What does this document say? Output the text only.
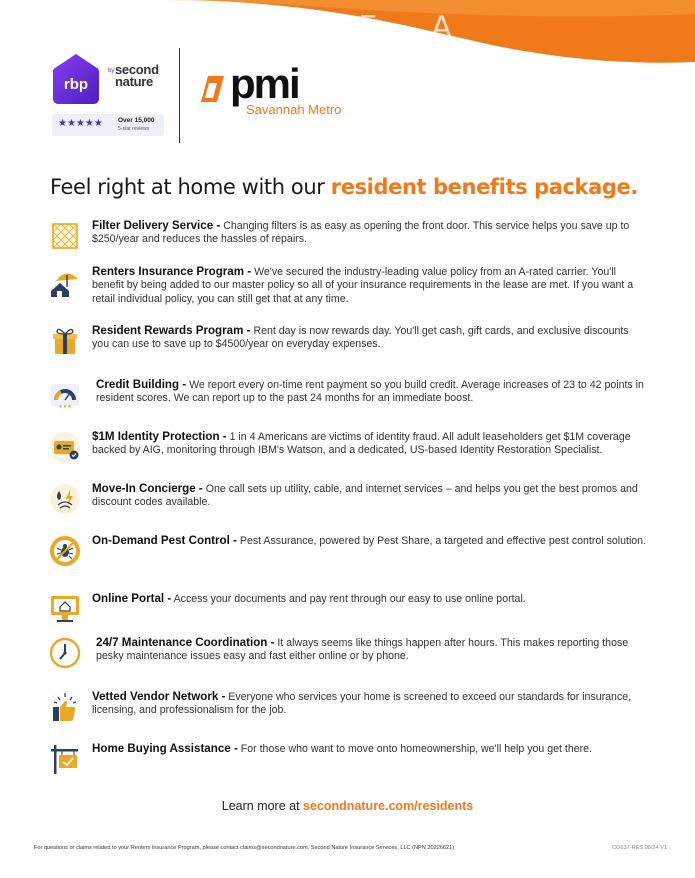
LANE - A
rbp
by second
nature
★★★★★ Over 15,000
5-star reviews
pmi
Savannah Metro
Feel right at home with our resident benefits package.
Filter Delivery Service - Changing filters is as easy as opening the front door. This service helps you save up to $250/year and reduces the hassles of repairs.
Renters Insurance Program - We've secured the industry-leading value policy from an A-rated carrier. You'll benefit by being added to our master policy so all of your insurance requirements in the lease are met. If you want a retail individual policy, you can still get that at any time.
Resident Rewards Program - Rent day is now rewards day. You'll get cash, gift cards, and exclusive discounts you can use to save up to $4500/year on everyday expenses.
★★★
Credit Building - We report every on-time rent payment so you build credit. Average increases of 23 to 42 points in resident scores. We can report up to the past 24 months for an immediate boost.
$1M Identity Protection - 1 in 4 Americans are victims of identity fraud. All adult leaseholders get $1M coverage backed by AIG, monitoring through IBM's Watson, and a dedicated, US-based Identity Restoration Specialist.
Move-In Concierge - One call sets up utility, cable, and internet services – and helps you get the best promos and discount codes available.
On-Demand Pest Control - Pest Assurance, powered by Pest Share, a targeted and effective pest control solution.
Online Portal - Access your documents and pay rent through our easy to use online portal.
24/7 Maintenance Coordination - It always seems like things happen after hours. This makes reporting those pesky maintenance issues easy and fast either online or by phone.
Vetted Vendor Network - Everyone who services your home is screened to exceed our standards for insurance, licensing, and professionalism for the job.
Home Buying Assistance - For those who want to move onto homeownership, we'll help you get there.
Learn more at secondnature.com/residents
For questions or claims related to your Renters Insurance Program, please contact claims@secondnature.com. Second Nature Insurance Services, LLC (NPN 20226621)	CO637-RES 08/24 V1
